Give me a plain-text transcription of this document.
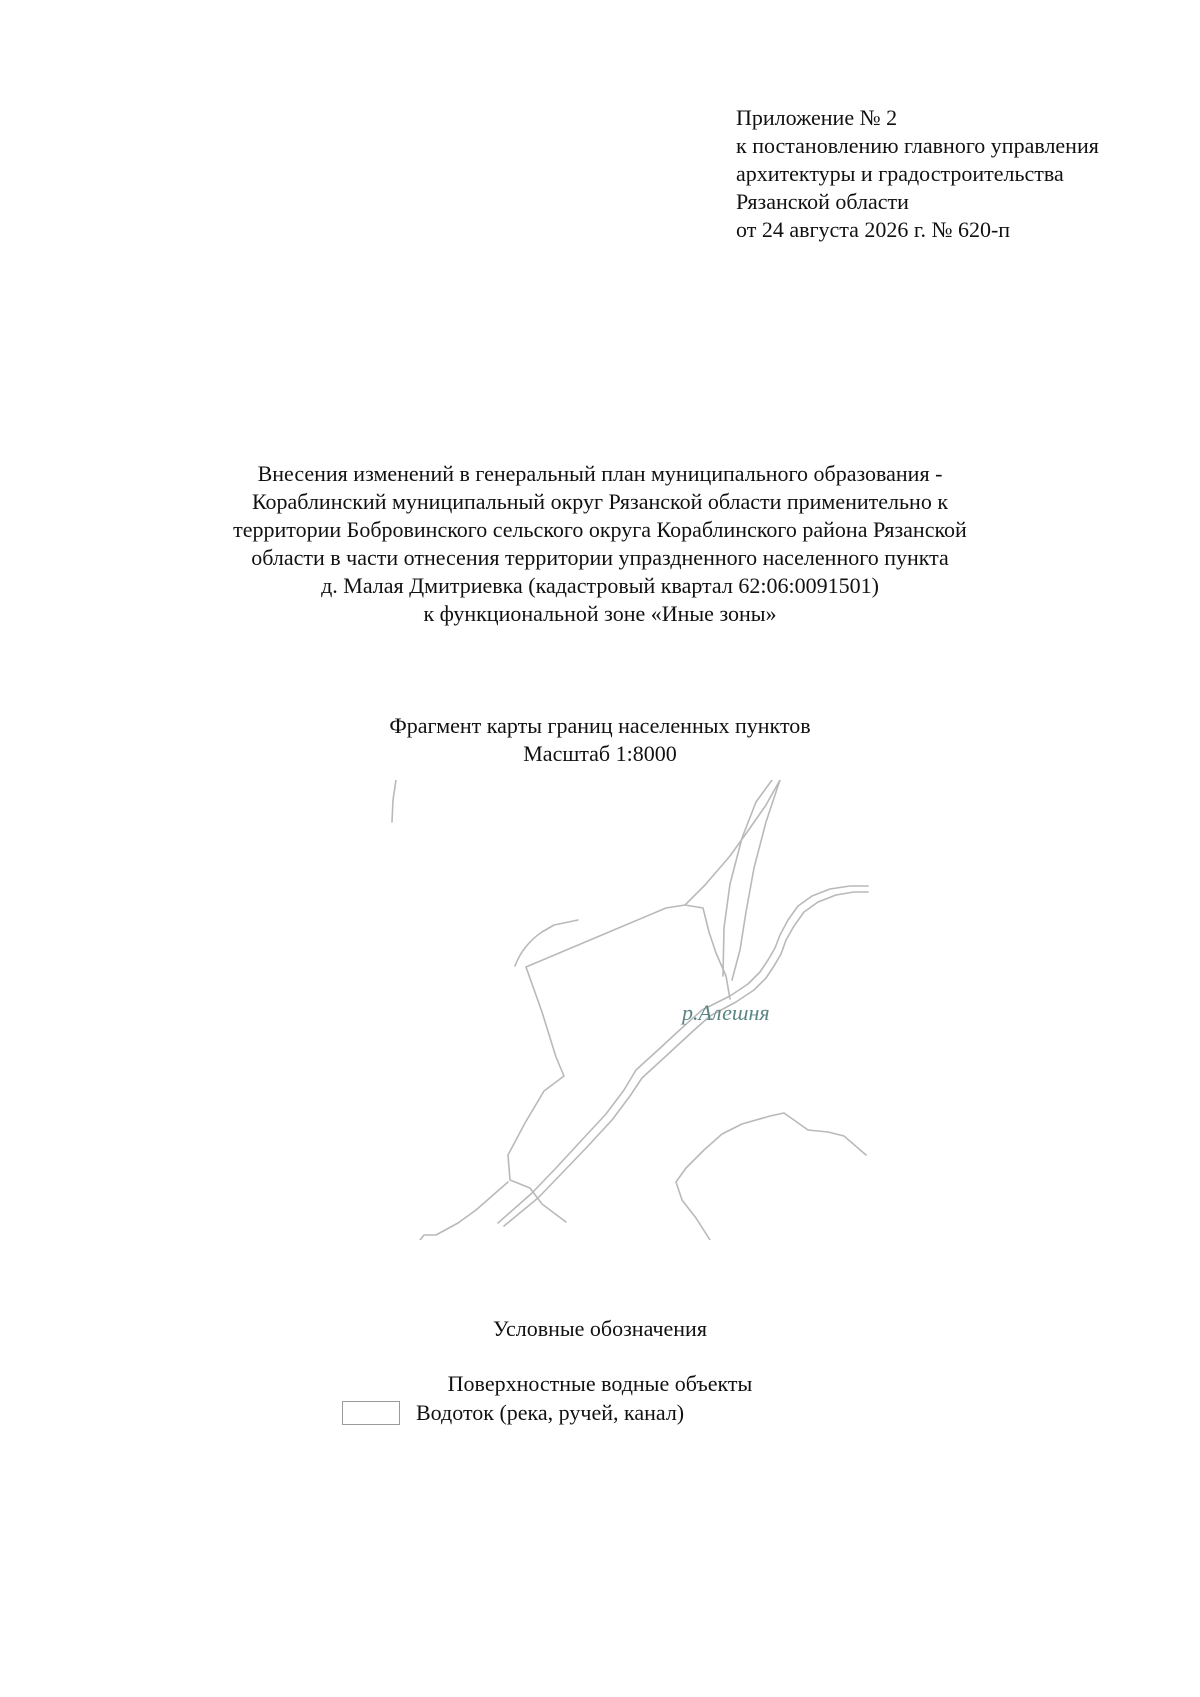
Приложение № 2
к постановлению главного управления
архитектуры и градостроительства
Рязанской области
от 24 августа 2026 г. № 620-п
Внесения изменений в генеральный план муниципального образования -
Кораблинский муниципальный округ Рязанской области применительно к
территории Бобровинского сельского округа Кораблинского района Рязанской
области в части отнесения территории упраздненного населенного пункта
д. Малая Дмитриевка (кадастровый квартал 62:06:0091501)
к функциональной зоне «Иные зоны»
Фрагмент карты границ населенных пунктов
Масштаб 1:8000
р.Алешня
Условные обозначения
Поверхностные водные объекты
Водоток (река, ручей, канал)
